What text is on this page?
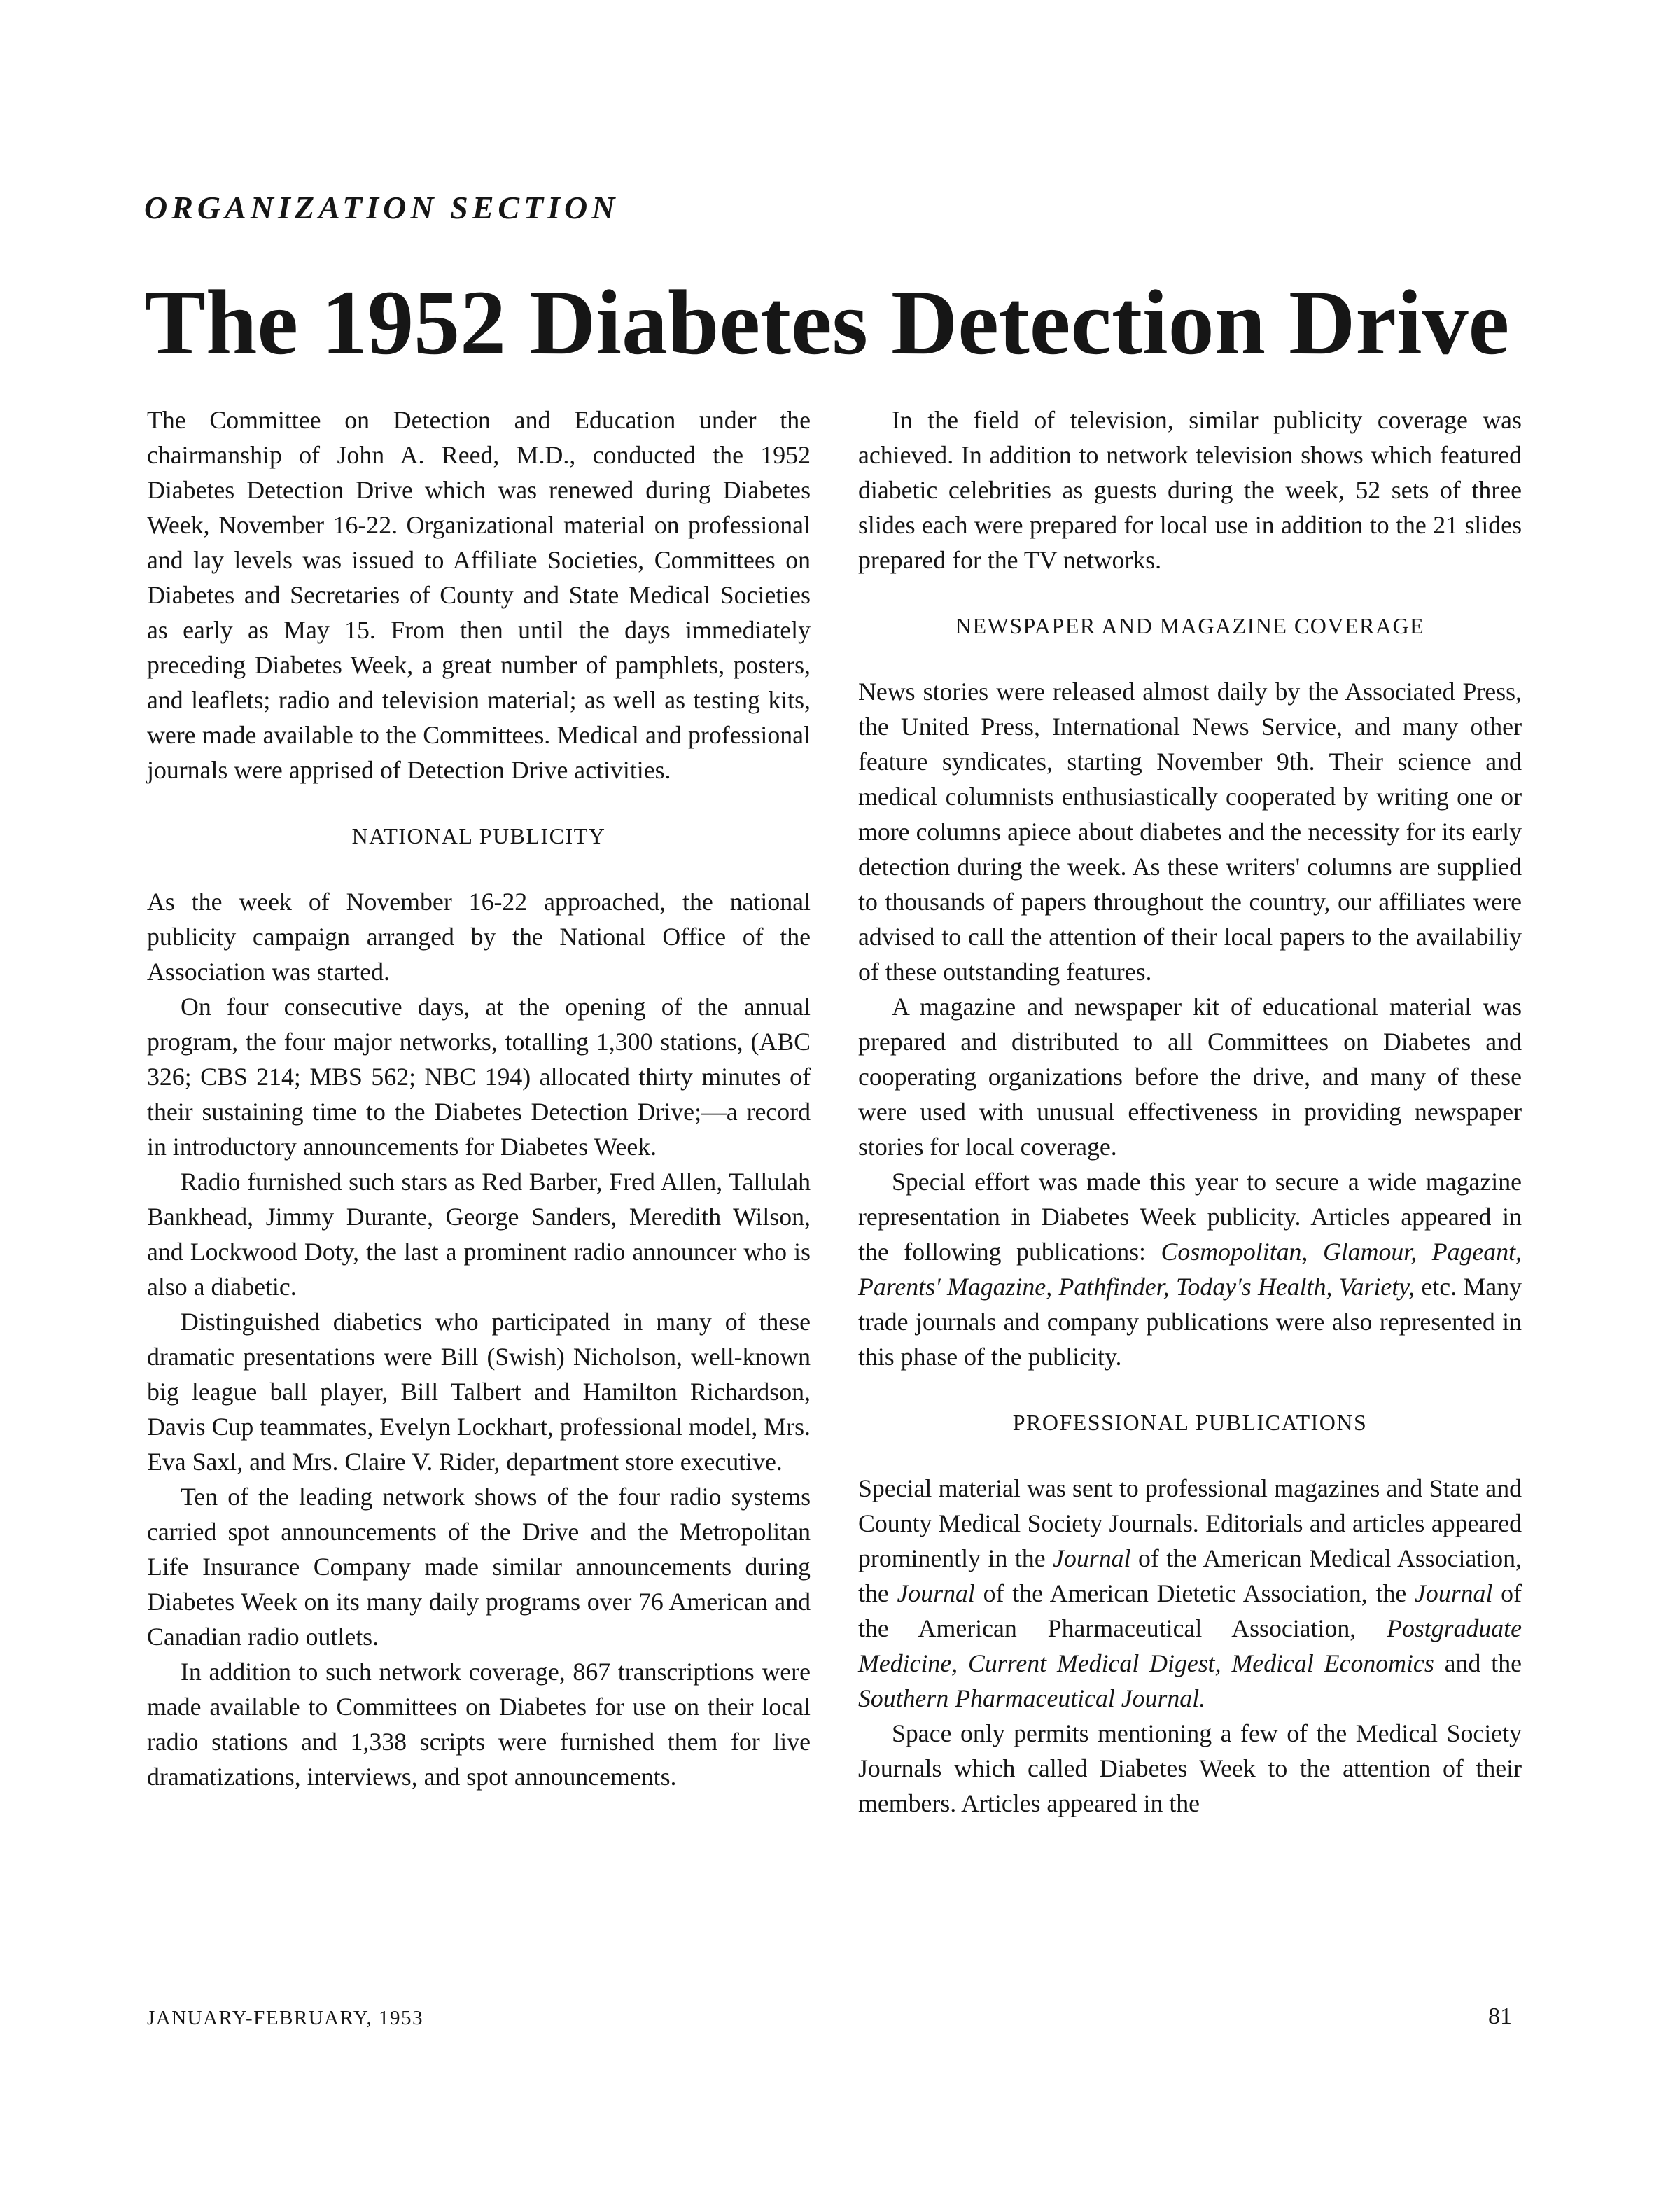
ORGANIZATION SECTION
The 1952 Diabetes Detection Drive

The Committee on Detection and Education under the chairmanship of John A. Reed, M.D., conducted the 1952 Diabetes Detection Drive which was renewed during Diabetes Week, November 16-22. Organizational material on professional and lay levels was issued to Affiliate Societies, Committees on Diabetes and Secretaries of County and State Medical Societies as early as May 15. From then until the days immediately preceding Diabetes Week, a great number of pamphlets, posters, and leaflets; radio and television material; as well as testing kits, were made available to the Committees. Medical and professional journals were apprised of Detection Drive activities.

NATIONAL PUBLICITY

As the week of November 16-22 approached, the national publicity campaign arranged by the National Office of the Association was started.

On four consecutive days, at the opening of the annual program, the four major networks, totalling 1,300 stations, (ABC 326; CBS 214; MBS 562; NBC 194) allocated thirty minutes of their sustaining time to the Diabetes Detection Drive;—a record in introductory announcements for Diabetes Week.

Radio furnished such stars as Red Barber, Fred Allen, Tallulah Bankhead, Jimmy Durante, George Sanders, Meredith Wilson, and Lockwood Doty, the last a prominent radio announcer who is also a diabetic.

Distinguished diabetics who participated in many of these dramatic presentations were Bill (Swish) Nicholson, well-known big league ball player, Bill Talbert and Hamilton Richardson, Davis Cup teammates, Evelyn Lockhart, professional model, Mrs. Eva Saxl, and Mrs. Claire V. Rider, department store executive.

Ten of the leading network shows of the four radio systems carried spot announcements of the Drive and the Metropolitan Life Insurance Company made similar announcements during Diabetes Week on its many daily programs over 76 American and Canadian radio outlets.

In addition to such network coverage, 867 transcriptions were made available to Committees on Diabetes for use on their local radio stations and 1,338 scripts were furnished them for live dramatizations, interviews, and spot announcements.

In the field of television, similar publicity coverage was achieved. In addition to network television shows which featured diabetic celebrities as guests during the week, 52 sets of three slides each were prepared for local use in addition to the 21 slides prepared for the TV networks.

NEWSPAPER AND MAGAZINE COVERAGE

News stories were released almost daily by the Associated Press, the United Press, International News Service, and many other feature syndicates, starting November 9th. Their science and medical columnists enthusiastically cooperated by writing one or more columns apiece about diabetes and the necessity for its early detection during the week. As these writers' columns are supplied to thousands of papers throughout the country, our affiliates were advised to call the attention of their local papers to the availabiliy of these outstanding features.

A magazine and newspaper kit of educational material was prepared and distributed to all Committees on Diabetes and cooperating organizations before the drive, and many of these were used with unusual effectiveness in providing newspaper stories for local coverage.

Special effort was made this year to secure a wide magazine representation in Diabetes Week publicity. Articles appeared in the following publications: Cosmopolitan, Glamour, Pageant, Parents' Magazine, Pathfinder, Today's Health, Variety, etc. Many trade journals and company publications were also represented in this phase of the publicity.

PROFESSIONAL PUBLICATIONS

Special material was sent to professional magazines and State and County Medical Society Journals. Editorials and articles appeared prominently in the Journal of the American Medical Association, the Journal of the American Dietetic Association, the Journal of the American Pharmaceutical Association, Postgraduate Medicine, Current Medical Digest, Medical Economics and the Southern Pharmaceutical Journal.

Space only permits mentioning a few of the Medical Society Journals which called Diabetes Week to the attention of their members. Articles appeared in the

JANUARY-FEBRUARY, 1953	81
